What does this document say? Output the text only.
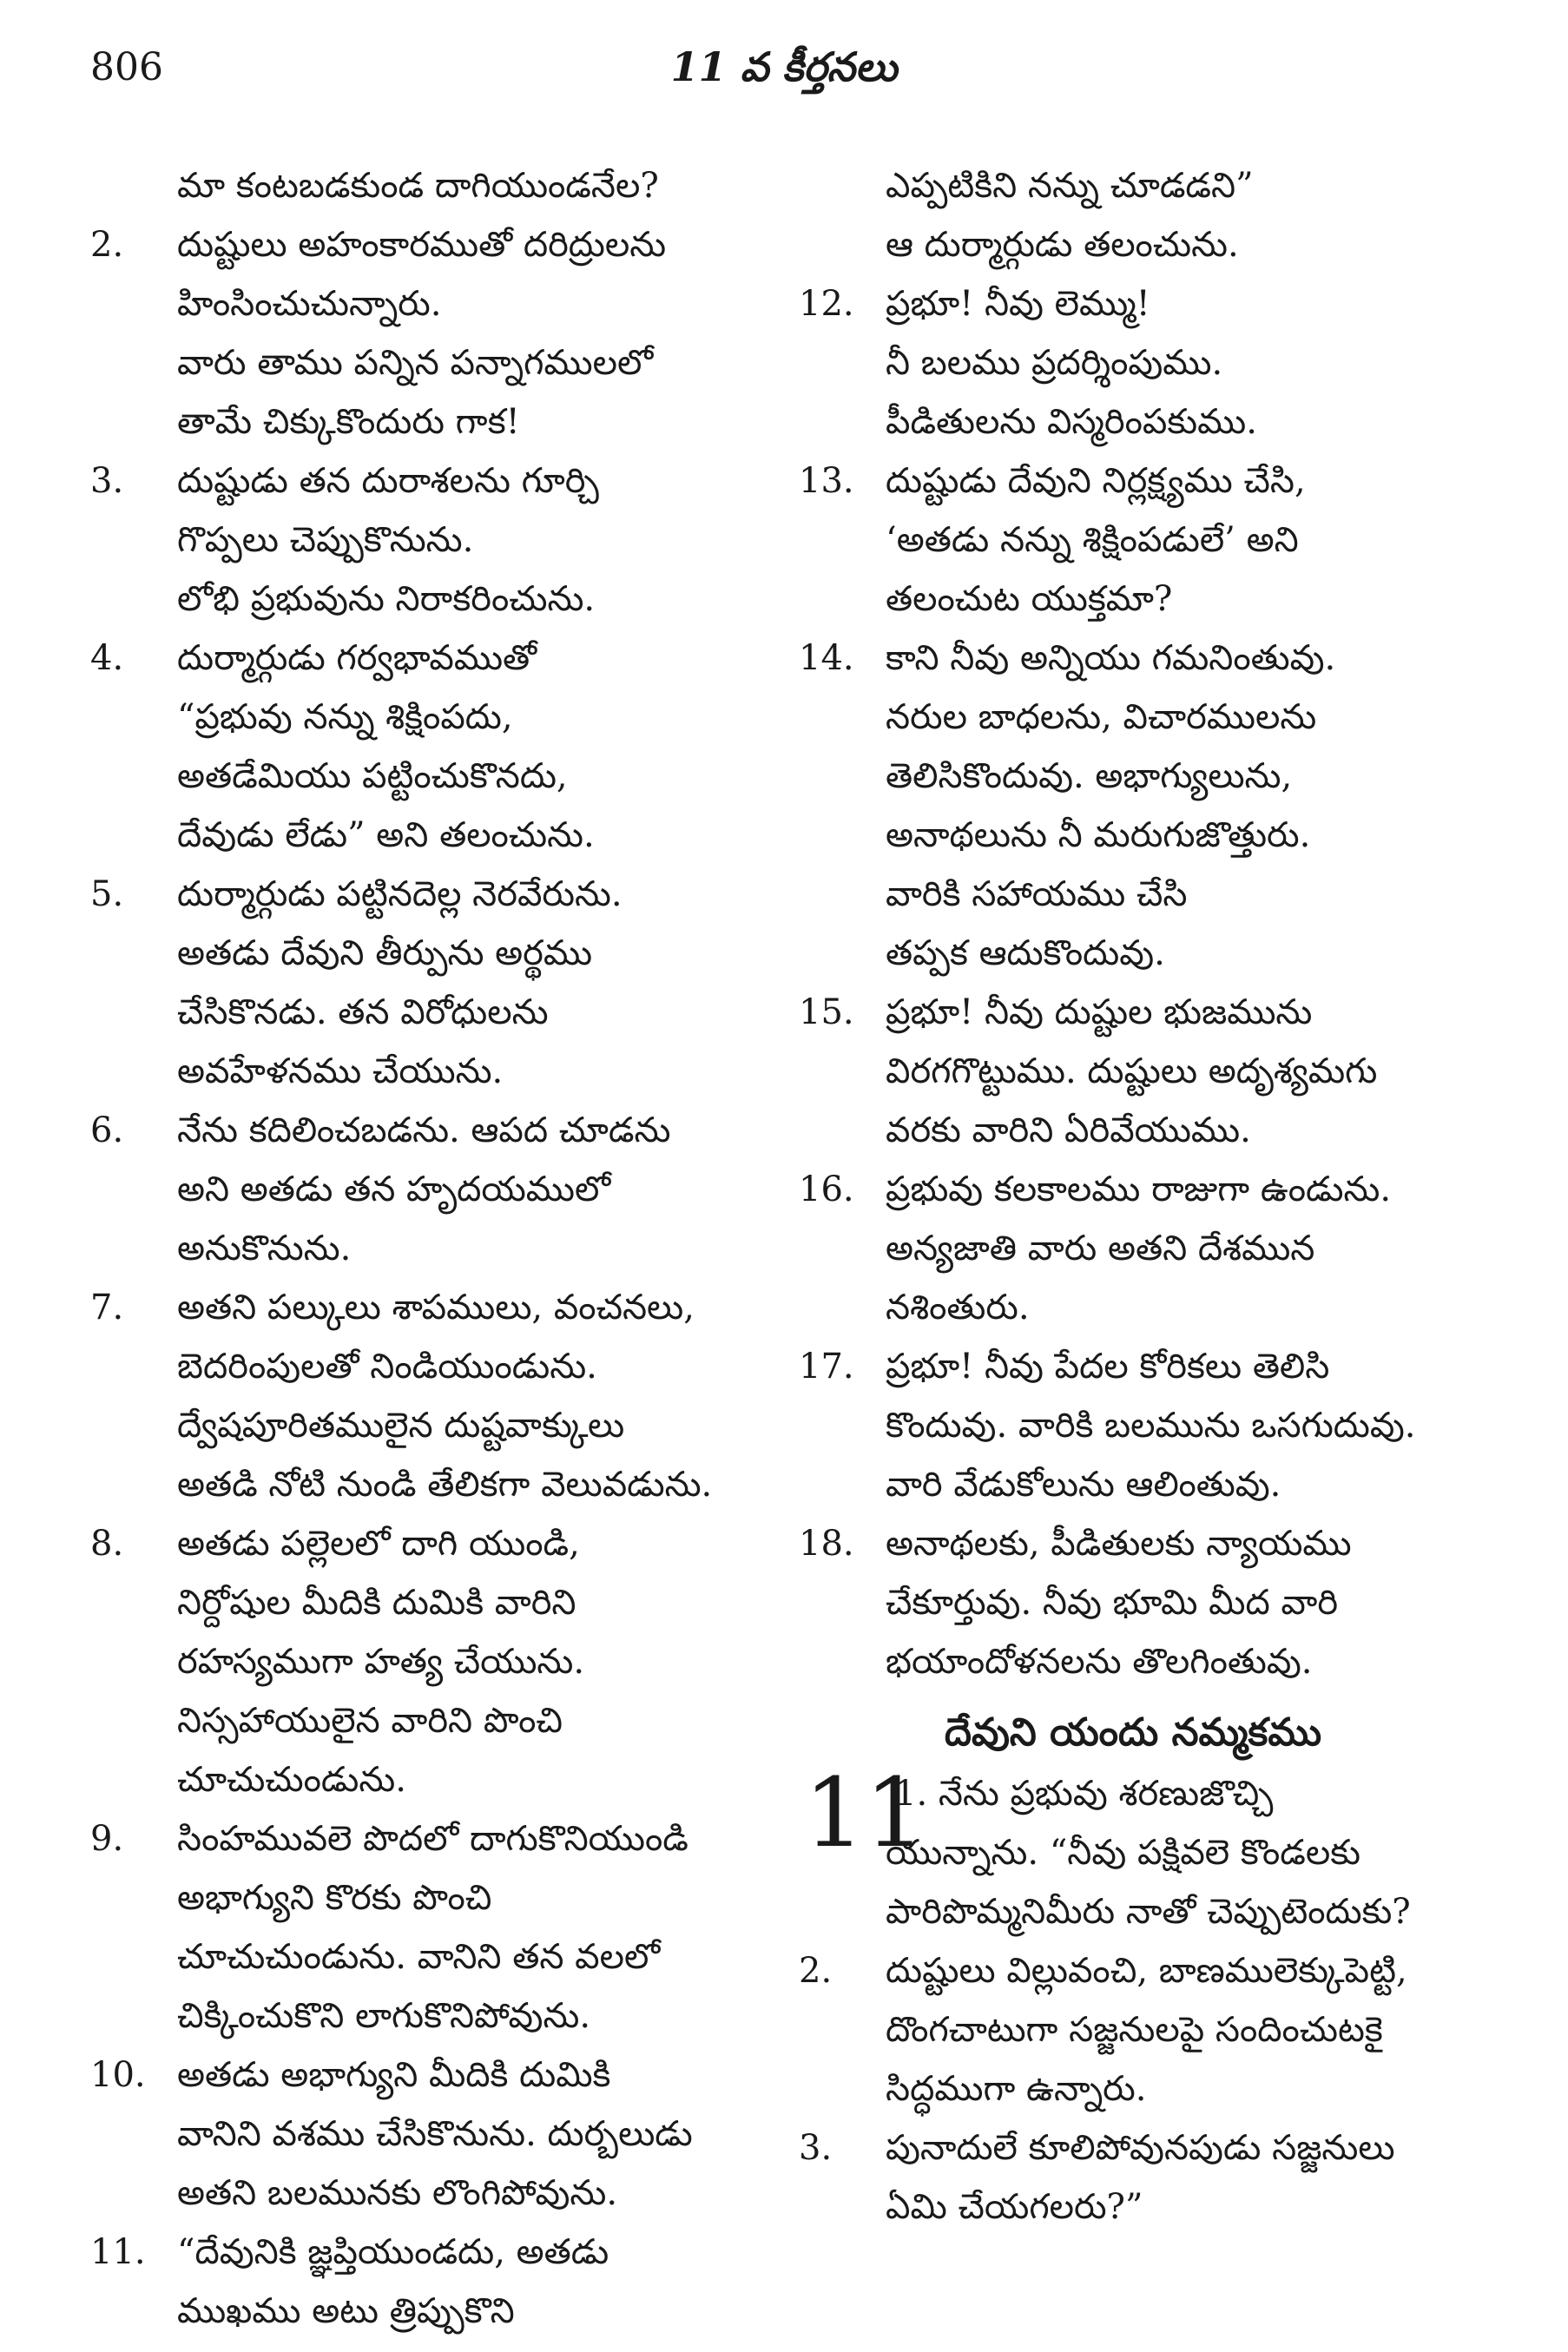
806	11 వ కీర్తనలు
మా కంటబడకుండ దాగియుండనేల?
2.	దుష్టులు అహంకారముతో దరిద్రులను
హింసించుచున్నారు.
వారు తాము పన్నిన పన్నాగములలో
తామే చిక్కుకొందురు గాక!
3.	దుష్టుడు తన దురాశలను గూర్చి
గొప్పలు చెప్పుకొనును.
లోభి ప్రభువును నిరాకరించును.
4.	దుర్మార్గుడు గర్వభావముతో
“ప్రభువు నన్ను శిక్షింపదు,
అతడేమియు పట్టించుకొనదు,
దేవుడు లేడు” అని తలంచును.
5.	దుర్మార్గుడు పట్టినదెల్ల నెరవేరును.
అతడు దేవుని తీర్పును అర్థము
చేసికొనడు. తన విరోధులను
అవహేళనము చేయును.
6.	నేను కదిలించబడను. ఆపద చూడను
అని అతడు తన హృదయములో
అనుకొనును.
7.	అతని పల్కులు శాపములు, వంచనలు,
బెదరింపులతో నిండియుండును.
ద్వేషపూరితములైన దుష్టవాక్కులు
అతడి నోటి నుండి తేలికగా వెలువడును.
8.	అతడు పల్లెలలో దాగి యుండి,
నిర్దోషుల మీదికి దుమికి వారిని
రహస్యముగా హత్య చేయును.
నిస్సహాయులైన వారిని పొంచి
చూచుచుండును.
9.	సింహమువలె పొదలో దాగుకొనియుండి
అభాగ్యుని కొరకు పొంచి
చూచుచుండును. వానిని తన వలలో
చిక్కించుకొని లాగుకొనిపోవును.
10. అతడు అభాగ్యుని మీదికి దుమికి
వానిని వశము చేసికొనును. దుర్బలుడు
అతని బలమునకు లొంగిపోవును.
11. “దేవునికి జ్ఞప్తియుండదు, అతడు
ముఖము అటు త్రిప్పుకొని
ఎప్పటికిని నన్ను చూడడని”
ఆ దుర్మార్గుడు తలంచును.
12. ప్రభూ! నీవు లెమ్ము!
నీ బలము ప్రదర్శింపుము.
పీడితులను విస్మరింపకుము.
13. దుష్టుడు దేవుని నిర్లక్ష్యము చేసి,
‘అతడు నన్ను శిక్షింపడులే’ అని
తలంచుట యుక్తమా?
14. కాని నీవు అన్నియు గమనింతువు.
నరుల బాధలను, విచారములను
తెలిసికొందువు. అభాగ్యులును,
అనాథలును నీ మరుగుజొత్తురు.
వారికి సహాయము చేసి
తప్పక ఆదుకొందువు.
15. ప్రభూ! నీవు దుష్టుల భుజమును
విరగగొట్టుము. దుష్టులు అదృశ్యమగు
వరకు వారిని ఏరివేయుము.
16. ప్రభువు కలకాలము రాజుగా ఉండును.
అన్యజాతి వారు అతని దేశమున
నశింతురు.
17. ప్రభూ! నీవు పేదల కోరికలు తెలిసి
కొందువు. వారికి బలమును ఒసగుదువు.
వారి వేడుకోలును ఆలింతువు.
18. అనాథలకు, పీడితులకు న్యాయము
చేకూర్తువు. నీవు భూమి మీద వారి
భయాందోళనలను తొలగింతువు.
దేవుని యందు నమ్మకము
11
1. నేను ప్రభువు శరణుజొచ్చి
యున్నాను. “నీవు పక్షివలె కొండలకు
పారిపొమ్మనిమీరు నాతో చెప్పుటెందుకు?
2.	దుష్టులు విల్లువంచి, బాణములెక్కుపెట్టి,
దొంగచాటుగా సజ్జనులపై సందించుటకై
సిద్ధముగా ఉన్నారు.
3.	పునాదులే కూలిపోవునపుడు సజ్జనులు
ఏమి చేయగలరు?”
